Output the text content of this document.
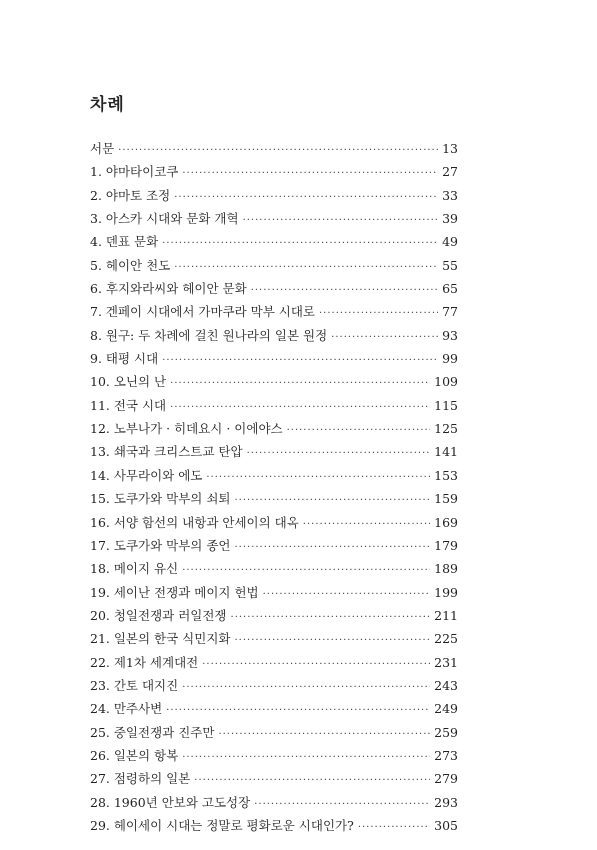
차례
서문 ·····	13
1. 야마타이코쿠 ·····	27
2. 야마토 조정 ·····	33
3. 아스카 시대와 문화 개혁 ·····	39
4. 덴표 문화 ·····	49
5. 헤이안 천도 ·····	55
6. 후지와라씨와 헤이안 문화 ·····	65
7. 겐페이 시대에서 가마쿠라 막부 시대로 ·····	77
8. 원구: 두 차례에 걸친 원나라의 일본 원정 ·····	93
9. 태평 시대 ·····	99
10. 오닌의 난 ·····	109
11. 전국 시대 ·····	115
12. 노부나가 · 히데요시 · 이에야스 ·····	125
13. 쇄국과 크리스트교 탄압 ·····	141
14. 사무라이와 에도 ·····	153
15. 도쿠가와 막부의 쇠퇴 ·····	159
16. 서양 함선의 내항과 안세이의 대옥 ·····	169
17. 도쿠가와 막부의 종언 ·····	179
18. 메이지 유신 ·····	189
19. 세이난 전쟁과 메이지 헌법 ·····	199
20. 청일전쟁과 러일전쟁 ·····	211
21. 일본의 한국 식민지화 ·····	225
22. 제1차 세계대전 ·····	231
23. 간토 대지진 ·····	243
24. 만주사변 ·····	249
25. 중일전쟁과 진주만 ·····	259
26. 일본의 항복 ·····	273
27. 점령하의 일본 ·····	279
28. 1960년 안보와 고도성장 ·····	293
29. 헤이세이 시대는 정말로 평화로운 시대인가? ·····	305
